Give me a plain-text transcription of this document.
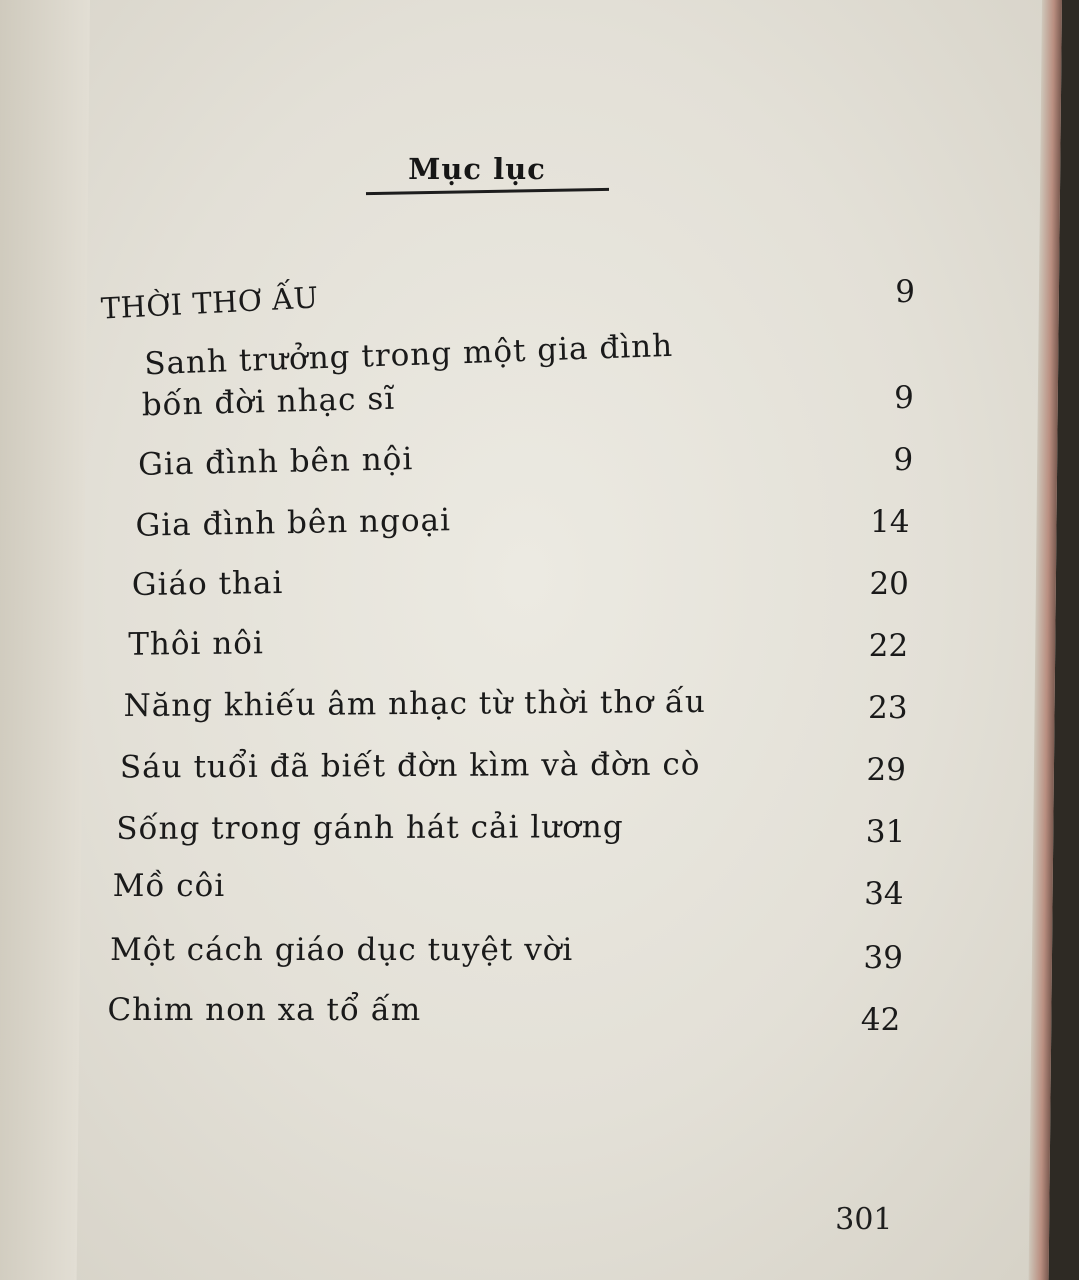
Mục lục
THỜI THƠ ẤU	9
Sanh trưởng trong một gia đình
bốn đời nhạc sĩ	9
Gia đình bên nội	9
Gia đình bên ngoại	14
Giáo thai	20
Thôi nôi	22
Năng khiếu âm nhạc từ thời thơ ấu	23
Sáu tuổi đã biết đờn kìm và đờn cò	29
Sống trong gánh hát cải lương	31
Mồ côi	34
Một cách giáo dục tuyệt vời	39
Chim non xa tổ ấm	42
301
